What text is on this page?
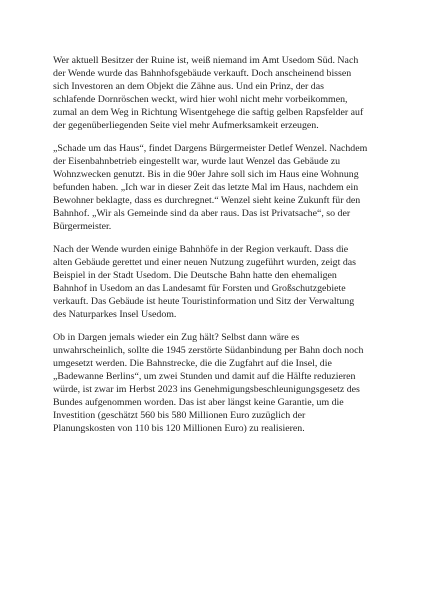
Wer aktuell Besitzer der Ruine ist, weiß niemand im Amt Usedom Süd. Nach
der Wende wurde das Bahnhofsgebäude verkauft. Doch anscheinend bissen
sich Investoren an dem Objekt die Zähne aus. Und ein Prinz, der das
schlafende Dornröschen weckt, wird hier wohl nicht mehr vorbeikommen,
zumal an dem Weg in Richtung Wisentgehege die saftig gelben Rapsfelder auf
der gegenüberliegenden Seite viel mehr Aufmerksamkeit erzeugen.

„Schade um das Haus“, findet Dargens Bürgermeister Detlef Wenzel. Nachdem
der Eisenbahnbetrieb eingestellt war, wurde laut Wenzel das Gebäude zu
Wohnzwecken genutzt. Bis in die 90er Jahre soll sich im Haus eine Wohnung
befunden haben. „Ich war in dieser Zeit das letzte Mal im Haus, nachdem ein
Bewohner beklagte, dass es durchregnet.“ Wenzel sieht keine Zukunft für den
Bahnhof. „Wir als Gemeinde sind da aber raus. Das ist Privatsache“, so der
Bürgermeister.

Nach der Wende wurden einige Bahnhöfe in der Region verkauft. Dass die
alten Gebäude gerettet und einer neuen Nutzung zugeführt wurden, zeigt das
Beispiel in der Stadt Usedom. Die Deutsche Bahn hatte den ehemaligen
Bahnhof in Usedom an das Landesamt für Forsten und Großschutzgebiete
verkauft. Das Gebäude ist heute Touristinformation und Sitz der Verwaltung
des Naturparkes Insel Usedom.

Ob in Dargen jemals wieder ein Zug hält? Selbst dann wäre es
unwahrscheinlich, sollte die 1945 zerstörte Südanbindung per Bahn doch noch
umgesetzt werden. Die Bahnstrecke, die die Zugfahrt auf die Insel, die
„Badewanne Berlins“, um zwei Stunden und damit auf die Hälfte reduzieren
würde, ist zwar im Herbst 2023 ins Genehmigungsbeschleunigungsgesetz des
Bundes aufgenommen worden. Das ist aber längst keine Garantie, um die
Investition (geschätzt 560 bis 580 Millionen Euro zuzüglich der
Planungskosten von 110 bis 120 Millionen Euro) zu realisieren.
